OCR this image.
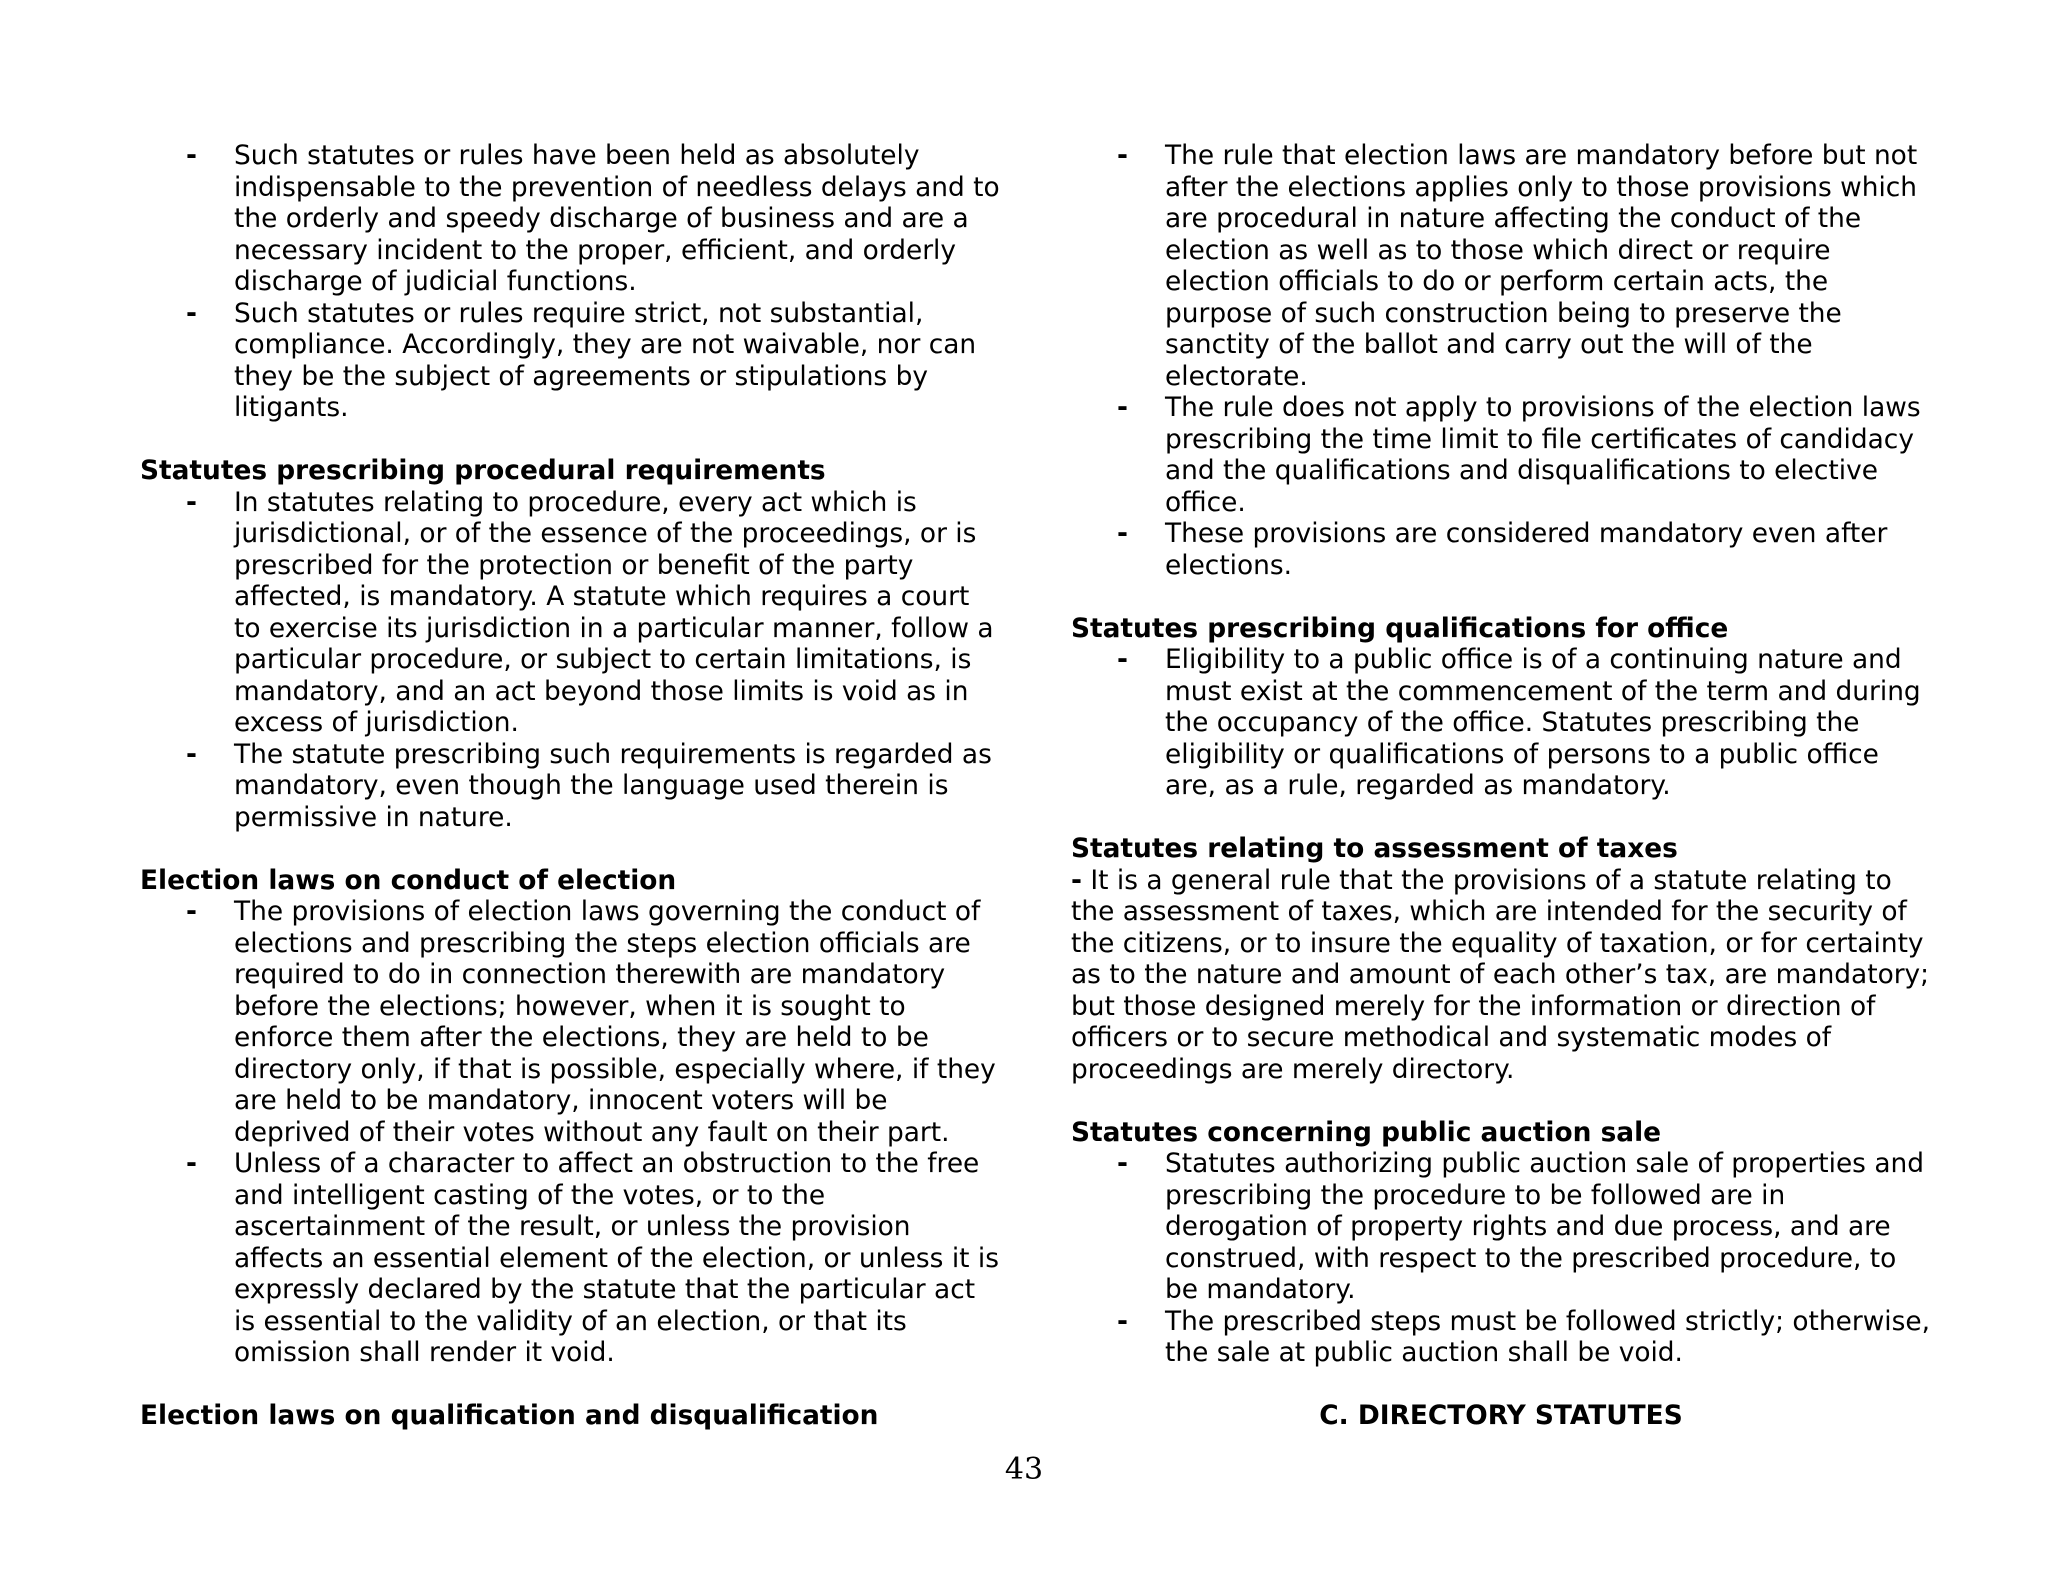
- Such statutes or rules have been held as absolutely indispensable to the prevention of needless delays and to the orderly and speedy discharge of business and are a necessary incident to the proper, efficient, and orderly discharge of judicial functions.
- Such statutes or rules require strict, not substantial, compliance. Accordingly, they are not waivable, nor can they be the subject of agreements or stipulations by litigants.

Statutes prescribing procedural requirements

- In statutes relating to procedure, every act which is jurisdictional, or of the essence of the proceedings, or is prescribed for the protection or benefit of the party affected, is mandatory. A statute which requires a court to exercise its jurisdiction in a particular manner, follow a particular procedure, or subject to certain limitations, is mandatory, and an act beyond those limits is void as in excess of jurisdiction.
- The statute prescribing such requirements is regarded as mandatory, even though the language used therein is permissive in nature.

Election laws on conduct of election

- The provisions of election laws governing the conduct of elections and prescribing the steps election officials are required to do in connection therewith are mandatory before the elections; however, when it is sought to enforce them after the elections, they are held to be directory only, if that is possible, especially where, if they are held to be mandatory, innocent voters will be deprived of their votes without any fault on their part.
- Unless of a character to affect an obstruction to the free and intelligent casting of the votes, or to the ascertainment of the result, or unless the provision affects an essential element of the election, or unless it is expressly declared by the statute that the particular act is essential to the validity of an election, or that its omission shall render it void.

Election laws on qualification and disqualification

- The rule that election laws are mandatory before but not after the elections applies only to those provisions which are procedural in nature affecting the conduct of the election as well as to those which direct or require election officials to do or perform certain acts, the purpose of such construction being to preserve the sanctity of the ballot and carry out the will of the electorate.
- The rule does not apply to provisions of the election laws prescribing the time limit to file certificates of candidacy and the qualifications and disqualifications to elective office.
- These provisions are considered mandatory even after elections.

Statutes prescribing qualifications for office

- Eligibility to a public office is of a continuing nature and must exist at the commencement of the term and during the occupancy of the office. Statutes prescribing the eligibility or qualifications of persons to a public office are, as a rule, regarded as mandatory.

Statutes relating to assessment of taxes

- It is a general rule that the provisions of a statute relating to the assessment of taxes, which are intended for the security of the citizens, or to insure the equality of taxation, or for certainty as to the nature and amount of each other’s tax, are mandatory; but those designed merely for the information or direction of officers or to secure methodical and systematic modes of proceedings are merely directory.

Statutes concerning public auction sale

- Statutes authorizing public auction sale of properties and prescribing the procedure to be followed are in derogation of property rights and due process, and are construed, with respect to the prescribed procedure, to be mandatory.
- The prescribed steps must be followed strictly; otherwise, the sale at public auction shall be void.

C. DIRECTORY STATUTES

43
